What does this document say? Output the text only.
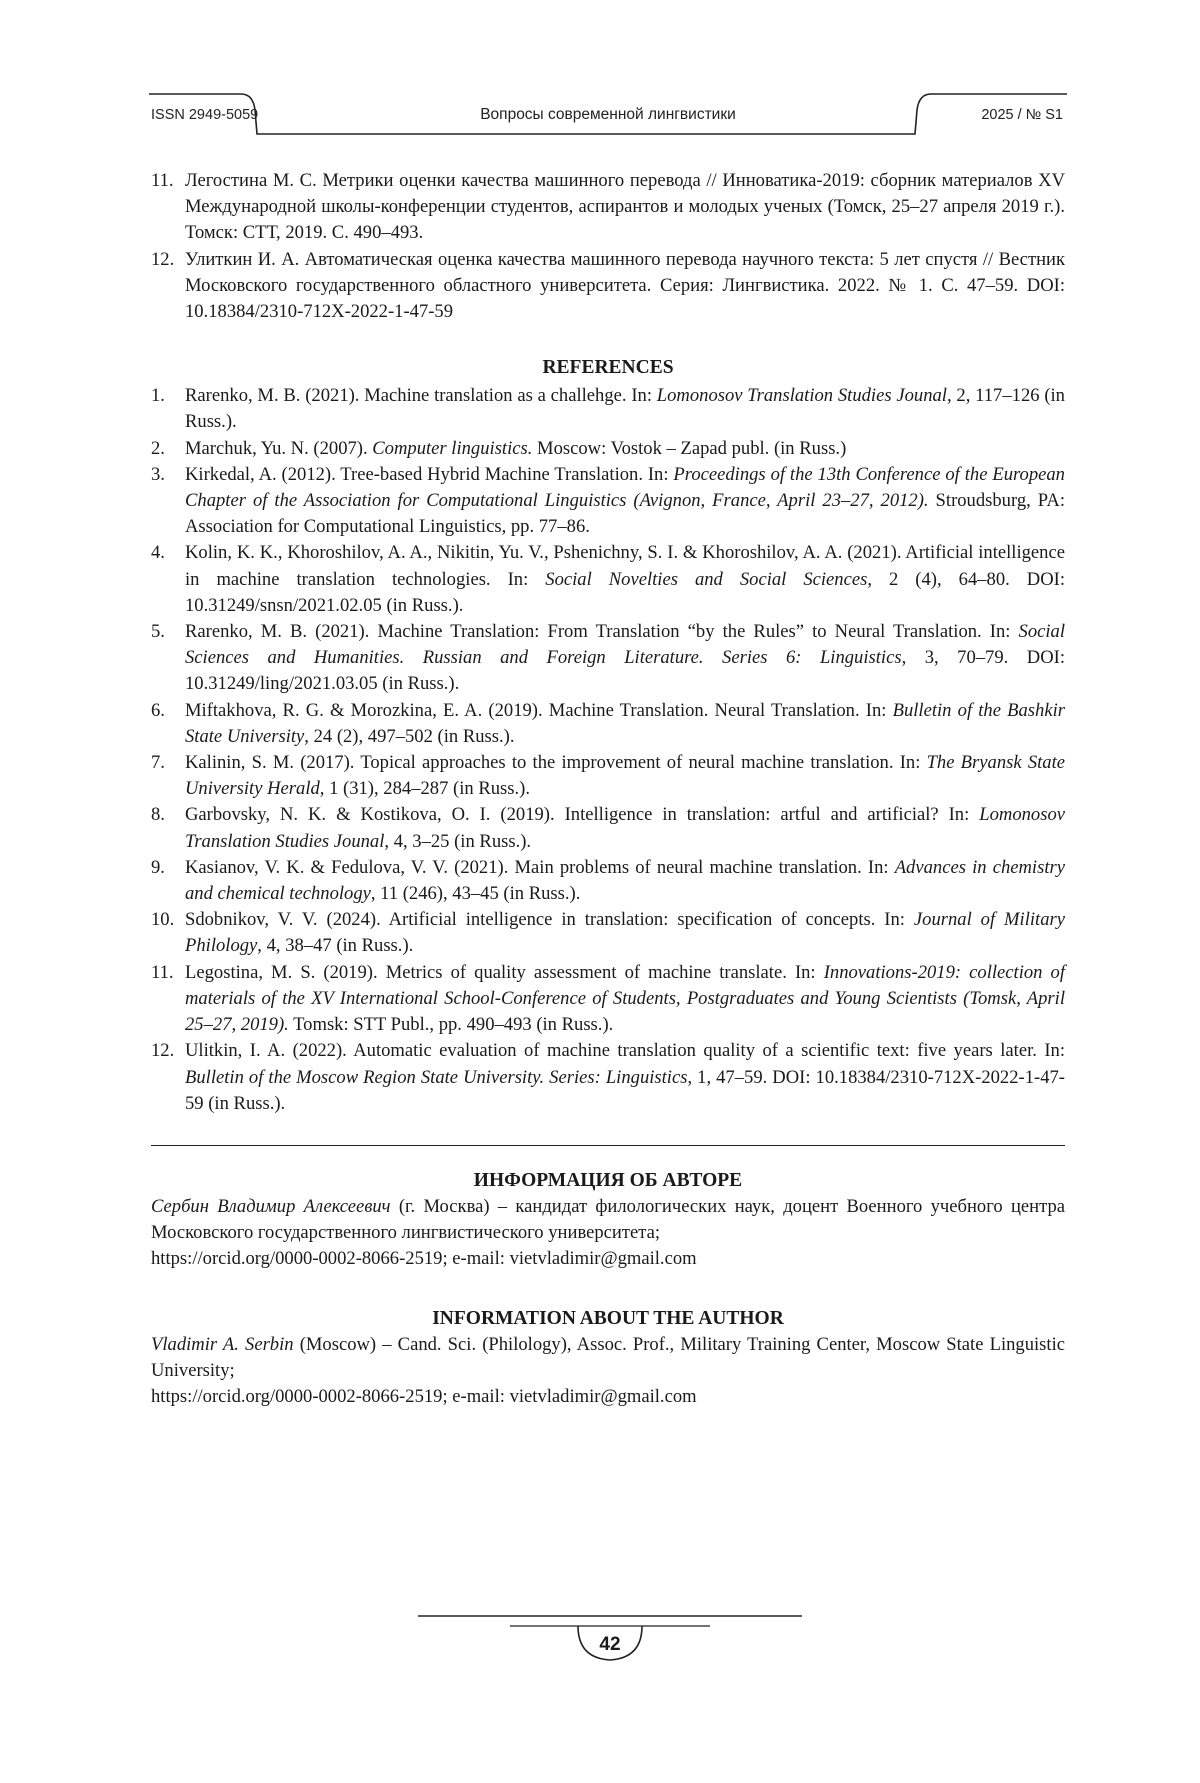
ISSN 2949-5059	Вопросы современной лингвистики	2025 / № S1
11. Легостина М. С. Метрики оценки качества машинного перевода // Инноватика-2019: сборник материалов XV Международной школы-конференции студентов, аспирантов и молодых ученых (Томск, 25–27 апреля 2019 г.). Томск: СТТ, 2019. С. 490–493.
12. Улиткин И. А. Автоматическая оценка качества машинного перевода научного текста: 5 лет спустя // Вестник Московского государственного областного университета. Серия: Лингвистика. 2022. № 1. С. 47–59. DOI: 10.18384/2310-712X-2022-1-47-59
REFERENCES
1. Rarenko, M. B. (2021). Machine translation as a challehge. In: Lomonosov Translation Studies Jounal, 2, 117–126 (in Russ.).
2. Marchuk, Yu. N. (2007). Computer linguistics. Moscow: Vostok – Zapad publ. (in Russ.)
3. Kirkedal, A. (2012). Tree-based Hybrid Machine Translation. In: Proceedings of the 13th Conference of the European Chapter of the Association for Computational Linguistics (Avignon, France, April 23–27, 2012). Stroudsburg, PA: Association for Computational Linguistics, pp. 77–86.
4. Kolin, K. K., Khoroshilov, A. A., Nikitin, Yu. V., Pshenichny, S. I. & Khoroshilov, A. A. (2021). Artificial intelligence in machine translation technologies. In: Social Novelties and Social Sciences, 2 (4), 64–80. DOI: 10.31249/snsn/2021.02.05 (in Russ.).
5. Rarenko, M. B. (2021). Machine Translation: From Translation “by the Rules” to Neural Translation. In: Social Sciences and Humanities. Russian and Foreign Literature. Series 6: Linguistics, 3, 70–79. DOI: 10.31249/ling/2021.03.05 (in Russ.).
6. Miftakhova, R. G. & Morozkina, E. A. (2019). Machine Translation. Neural Translation. In: Bulletin of the Bashkir State University, 24 (2), 497–502 (in Russ.).
7. Kalinin, S. M. (2017). Topical approaches to the improvement of neural machine translation. In: The Bryansk State University Herald, 1 (31), 284–287 (in Russ.).
8. Garbovsky, N. K. & Kostikova, O. I. (2019). Intelligence in translation: artful and artificial? In: Lomonosov Translation Studies Jounal, 4, 3–25 (in Russ.).
9. Kasianov, V. K. & Fedulova, V. V. (2021). Main problems of neural machine translation. In: Advances in chemistry and chemical technology, 11 (246), 43–45 (in Russ.).
10. Sdobnikov, V. V. (2024). Artificial intelligence in translation: specification of concepts. In: Journal of Military Philology, 4, 38–47 (in Russ.).
11. Legostina, M. S. (2019). Metrics of quality assessment of machine translate. In: Innovations-2019: collection of materials of the XV International School-Conference of Students, Postgraduates and Young Scientists (Tomsk, April 25–27, 2019). Tomsk: STT Publ., pp. 490–493 (in Russ.).
12. Ulitkin, I. A. (2022). Automatic evaluation of machine translation quality of a scientific text: five years later. In: Bulletin of the Moscow Region State University. Series: Linguistics, 1, 47–59. DOI: 10.18384/2310-712X-2022-1-47-59 (in Russ.).
ИНФОРМАЦИЯ ОБ АВТОРЕ

Сербин Владимир Алексеевич (г. Москва) – кандидат филологических наук, доцент Военного учебного центра Московского государственного лингвистического университета;

https://orcid.org/0000-0002-8066-2519; e-mail: vietvladimir@gmail.com

INFORMATION ABOUT THE AUTHOR

Vladimir A. Serbin (Moscow) – Cand. Sci. (Philology), Assoc. Prof., Military Training Center, Moscow State Linguistic University;

https://orcid.org/0000-0002-8066-2519; e-mail: vietvladimir@gmail.com

42
